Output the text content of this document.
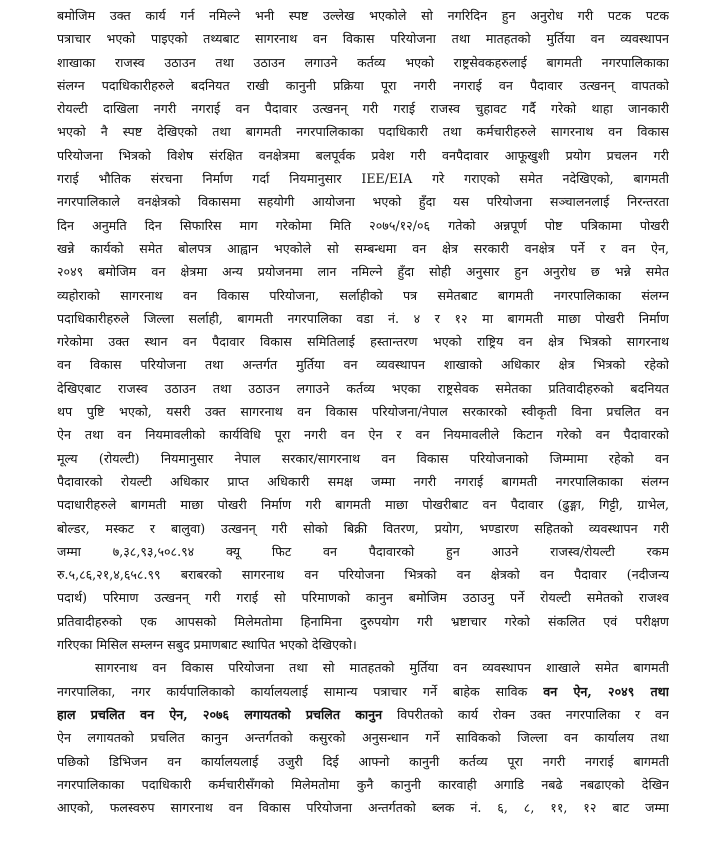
बमोजिम उक्त कार्य गर्न नमिल्ने भनी स्पष्ट उल्लेख भएकोले सो नगरिदिन हुन अनुरोध गरी पटक पटक
पत्राचार भएको पाइएको तथ्यबाट सागरनाथ वन विकास परियोजना तथा मातहतको मुर्तिया वन व्यवस्थापन
शाखाका राजस्व उठाउन तथा उठाउन लगाउने कर्तव्य भएको राष्ट्रसेवकहरुलाई बागमती नगरपालिकाका
संलग्न पदाधिकारीहरुले बदनियत राखी कानुनी प्रक्रिया पूरा नगरी नगराई वन पैदावार उत्खनन् वापतको
रोयल्टी दाखिला नगरी नगराई वन पैदावार उत्खनन् गरी गराई राजस्व चुहावट गर्दै गरेको थाहा जानकारी
भएको नै स्पष्ट देखिएको तथा बागमती नगरपालिकाका पदाधिकारी तथा कर्मचारीहरुले सागरनाथ वन विकास
परियोजना भित्रको विशेष संरक्षित वनक्षेत्रमा बलपूर्वक प्रवेश गरी वनपैदावार आफूखुशी प्रयोग प्रचलन गरी
गराई भौतिक संरचना निर्माण गर्दा नियमानुसार IEE/EIA गरे गराएको समेत नदेखिएको, बागमती
नगरपालिकाले वनक्षेत्रको विकासमा सहयोगी आयोजना भएको हुँदा यस परियोजना सञ्चालनलाई निरन्तरता
दिन अनुमति दिन सिफारिस माग गरेकोमा मिति २०७५/१२/०६ गतेको अन्नपूर्ण पोष्ट पत्रिकामा पोखरी
खन्ने कार्यको समेत बोलपत्र आह्वान भएकोले सो सम्बन्धमा वन क्षेत्र सरकारी वनक्षेत्र पर्ने र वन ऐन,
२०४९ बमोजिम वन क्षेत्रमा अन्य प्रयोजनमा लान नमिल्ने हुँदा सोही अनुसार हुन अनुरोध छ भन्ने समेत
व्यहोराको सागरनाथ वन विकास परियोजना, सर्लाहीको पत्र समेतबाट बागमती नगरपालिकाका संलग्न
पदाधिकारीहरुले जिल्ला सर्लाही, बागमती नगरपालिका वडा नं. ४ र १२ मा बागमती माछा पोखरी निर्माण
गरेकोमा उक्त स्थान वन पैदावार विकास समितिलाई हस्तान्तरण भएको राष्ट्रिय वन क्षेत्र भित्रको सागरनाथ
वन विकास परियोजना तथा अन्तर्गत मुर्तिया वन व्यवस्थापन शाखाको अधिकार क्षेत्र भित्रको रहेको
देखिएबाट राजस्व उठाउन तथा उठाउन लगाउने कर्तव्य भएका राष्ट्रसेवक समेतका प्रतिवादीहरुको बदनियत
थप पुष्टि भएको, यसरी उक्त सागरनाथ वन विकास परियोजना/नेपाल सरकारको स्वीकृती विना प्रचलित वन
ऐन तथा वन नियमावलीको कार्यविधि पूरा नगरी वन ऐन र वन नियमावलीले किटान गरेको वन पैदावारको
मूल्य (रोयल्टी) नियमानुसार नेपाल सरकार/सागरनाथ वन विकास परियोजनाको जिम्मामा रहेको वन
पैदावारको रोयल्टी अधिकार प्राप्त अधिकारी समक्ष जम्मा नगरी नगराई बागमती नगरपालिकाका संलग्न
पदाधारीहरुले बागमती माछा पोखरी निर्माण गरी बागमती माछा पोखरीबाट वन पैदावार (ढुङ्गा, गिट्टी, ग्राभेल,
बोल्डर, मस्कट र बालुवा) उत्खनन् गरी सोको बिक्री वितरण, प्रयोग, भण्डारण सहितको व्यवस्थापन गरी
जम्मा ७,३८,९३,५०८.९४ क्यू फिट वन पैदावारको हुन आउने राजस्व/रोयल्टी रकम
रु.५,८६,२१,४,६५८.९९ बराबरको सागरनाथ वन परियोजना भित्रको वन क्षेत्रको वन पैदावार (नदीजन्य
पदार्थ) परिमाण उत्खनन् गरी गराई सो परिमाणको कानुन बमोजिम उठाउनु पर्ने रोयल्टी समेतको राजश्व
प्रतिवादीहरुको एक आपसको मिलेमतोमा हिनामिना दुरुपयोग गरी भ्रष्टाचार गरेको संकलित एवं परीक्षण
गरिएका मिसिल सम्लग्न सबुद प्रमाणबाट स्थापित भएको देखिएको।
सागरनाथ वन विकास परियोजना तथा सो मातहतको मुर्तिया वन व्यवस्थापन शाखाले समेत बागमती
नगरपालिका, नगर कार्यपालिकाको कार्यालयलाई सामान्य पत्राचार गर्ने बाहेक साविक वन ऐन, २०४९ तथा
हाल प्रचलित वन ऐन, २०७६ लगायतको प्रचलित कानुन विपरीतको कार्य रोक्न उक्त नगरपालिका र वन
ऐन लगायतको प्रचलित कानुन अन्तर्गतको कसुरको अनुसन्धान गर्ने साविकको जिल्ला वन कार्यालय तथा
पछिको डिभिजन वन कार्यालयलाई उजुरी दिई आफ्नो कानुनी कर्तव्य पूरा नगरी नगराई बागमती
नगरपालिकाका पदाधिकारी कर्मचारीसँगको मिलेमतोमा कुनै कानुनी कारवाही अगाडि नबढे नबढाएको देखिन
आएको, फलस्वरुप सागरनाथ वन विकास परियोजना अन्तर्गतको ब्लक नं. ६, ८, ११, १२ बाट जम्मा
